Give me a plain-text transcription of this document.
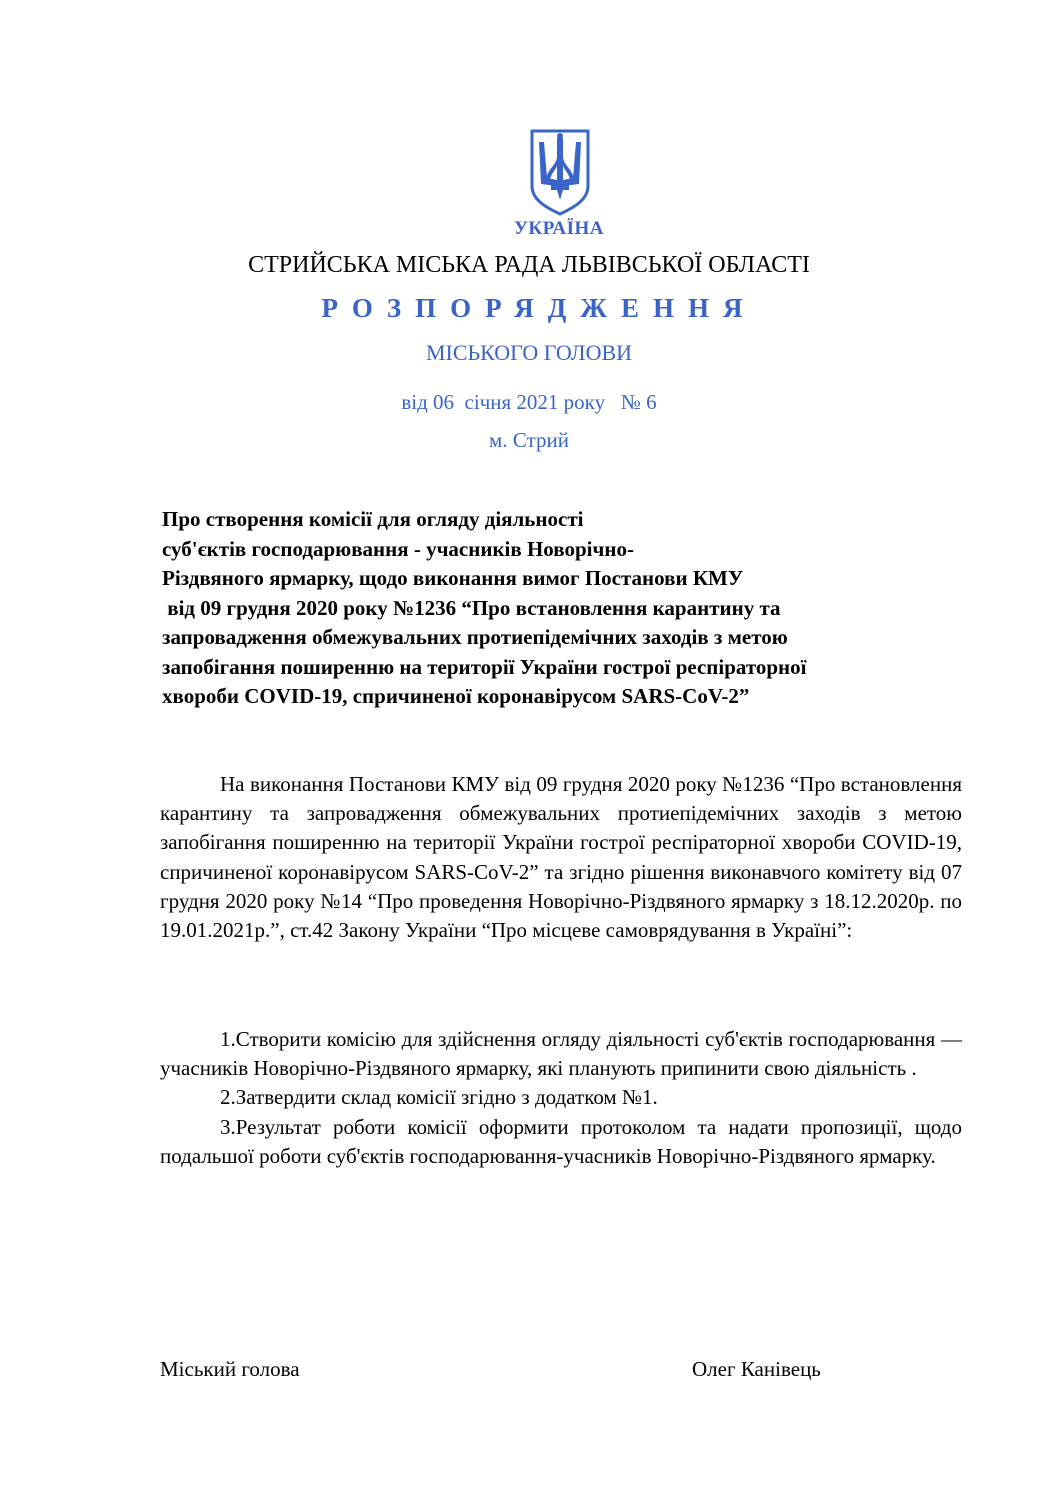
УКРАЇНА
СТРИЙСЬКА МІСЬКА РАДА ЛЬВІВСЬКОЇ ОБЛАСТІ
РОЗПОРЯДЖЕННЯ
МІСЬКОГО ГОЛОВИ
від 06  січня 2021 року № 6
м. Стрий
Про створення комісії для огляду діяльності
суб'єктів господарювання - учасників Новорічно-
Різдвяного ярмарку, щодо виконання вимог Постанови КМУ
від 09 грудня 2020 року №1236 “Про встановлення карантину та
запровадження обмежувальних протиепідемічних заходів з метою
запобігання поширенню на території України гострої респіраторної
хвороби COVID-19, спричиненої коронавірусом SARS-CoV-2”

На виконання Постанови КМУ від 09 грудня 2020 року №1236 “Про встановлення карантину та запровадження обмежувальних протиепідемічних заходів з метою запобігання поширенню на території України гострої респіраторної хвороби COVID-19, спричиненої коронавірусом SARS-CoV-2” та згідно рішення виконавчого комітету від 07 грудня 2020 року №14 “Про проведення Новорічно-Різдвяного ярмарку з 18.12.2020р. по 19.01.2021р.”, ст.42 Закону України “Про місцеве самоврядування в Україні”:

1.Створити комісію для здійснення огляду діяльності суб'єктів господарювання — учасників Новорічно-Різдвяного ярмарку, які планують припинити свою діяльність .

2.Затвердити склад комісії згідно з додатком №1.

3.Результат роботи комісії оформити протоколом та надати пропозиції, щодо подальшої роботи суб'єктів господарювання-учасників Новорічно-Різдвяного ярмарку.

Міський голова	Олег Канівець
